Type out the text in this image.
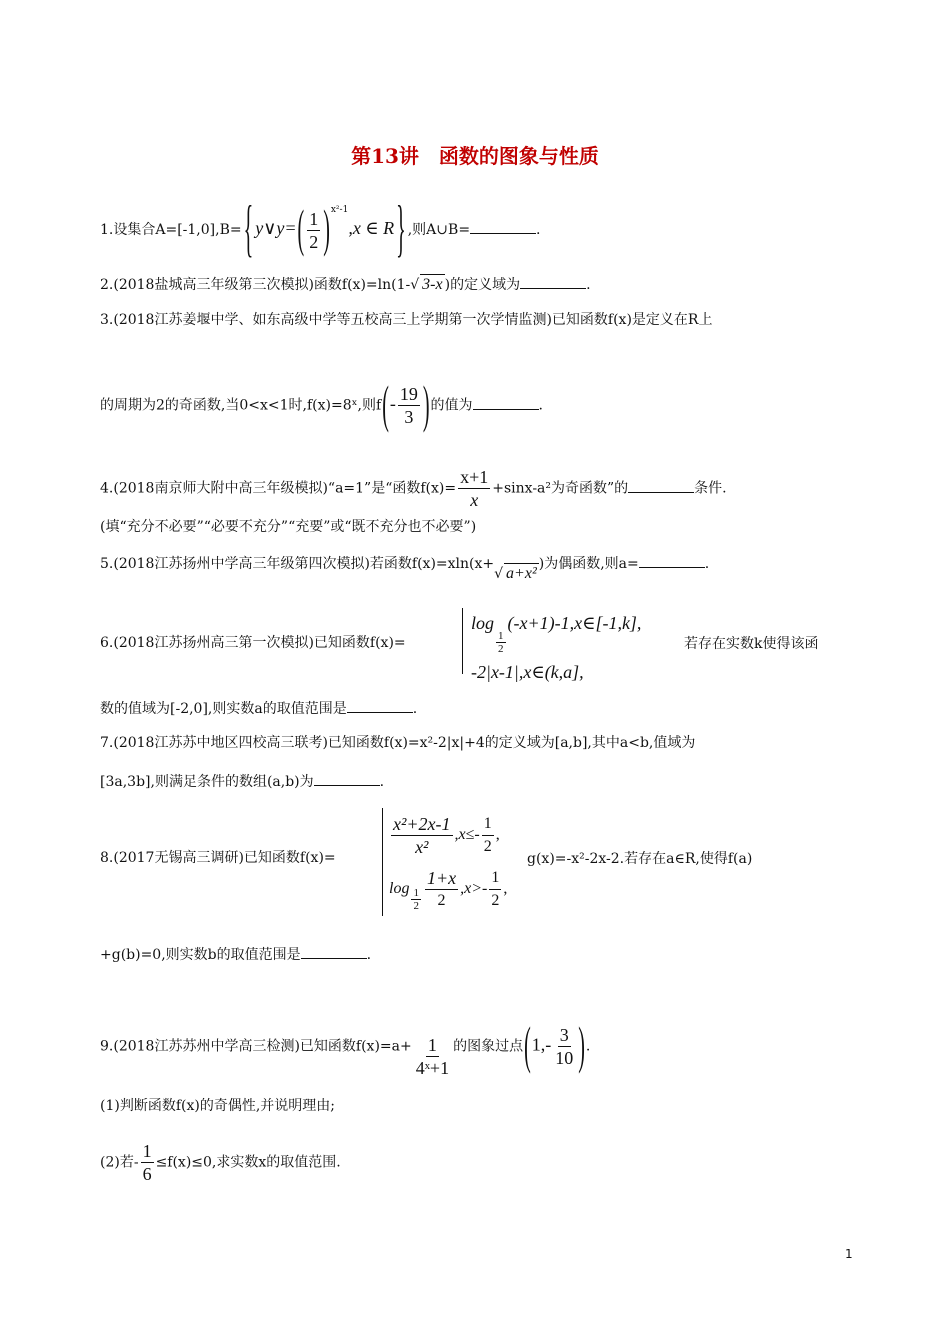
第13讲　函数的图象与性质
1.设集合A=[-1,0],B= { y∨y=( $\frac{1}{2} )^{x^2-1},x$ ∈ R } ,则A∪B=	.
2.(2018盐城高三年级第三次模拟)函数f(x)=ln(1-√ 3-x )的定义域为	.
3.(2018江苏姜堰中学、如东高级中学等五校高三上学期第一次学情监测)已知函数f(x)是定义在R上
的周期为2的奇函数,当0<x<1时,f(x)=8ˣ,则$f(- \frac{19}{3}$ )的值为	.
4.(2018南京师大附中高三年级模拟)“a=1”是“函数$f(x)= \frac{x+1}{x} +\sin x-a^2$为奇函数”的	条件.
(填“充分不必要”“必要不充分”“充要”或“既不充分也不必要”)
5.(2018江苏扬州中学高三年级第四次模拟)若函数f(x)=xln(x+√ a+x²)为偶函数,则a=	.
6.(2018江苏扬州高三第一次模拟)已知函数f(x)=
log
$\frac{1}{2}$
(-x+1)-1,x∈[-1,k],
-2|x-1|,x∈(k,a],
若存在实数k使得该函
数的值域为[-2,0],则实数a的取值范围是	.
7.(2018江苏苏中地区四校高三联考)已知函数f(x)=x²-2|x|+4的定义域为[a,b],其中a<b,值域为
[3a,3b],则满足条件的数组(a,b)为	.
8.(2017无锡高三调研)已知函数f(x)=
$\frac{\text{x²+2x-1}}{\text{x²}} ,x\le- \frac{1}{2}$ ,
$\log \frac{1}{2} \frac{1+x}{2} ,x>- \frac{1}{2}$ ,
g(x)=-x²-2x-2.若存在a∈R,使得f(a)
+g(b)=0,则实数b的取值范围是	.
9.(2018江苏苏州中学高三检测)已知函数$f(x)=a+ \frac{1}{\text{4ˣ+1}}$ 的图象过点($1,- \frac{3}{10}$ ).
(1)判断函数f(x)的奇偶性,并说明理由;
(2)若- $\frac{1}{6} \le f(x)\le 0$,求实数x的取值范围.
1
